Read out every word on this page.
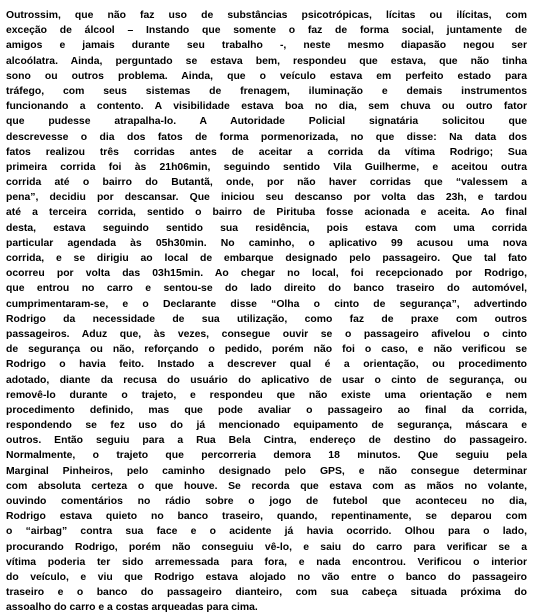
Outrossim, que não faz uso de substâncias psicotrópicas, lícitas ou ilícitas, com
exceção de álcool – Instando que somente o faz de forma social, juntamente de
amigos e jamais durante seu trabalho -, neste mesmo diapasão negou ser
alcoólatra. Ainda, perguntado se estava bem, respondeu que estava, que não tinha
sono ou outros problema. Ainda, que o veículo estava em perfeito estado para
tráfego, com seus sistemas de frenagem, iluminação e demais instrumentos
funcionando a contento. A visibilidade estava boa no dia, sem chuva ou outro fator
que pudesse atrapalha-lo. A Autoridade Policial signatária solicitou que
descrevesse o dia dos fatos de forma pormenorizada, no que disse: Na data dos
fatos realizou três corridas antes de aceitar a corrida da vítima Rodrigo; Sua
primeira corrida foi às 21h06min, seguindo sentido Vila Guilherme, e aceitou outra
corrida até o bairro do Butantã, onde, por não haver corridas que “valessem a
pena”, decidiu por descansar. Que iniciou seu descanso por volta das 23h, e tardou
até a terceira corrida, sentido o bairro de Pirituba fosse acionada e aceita. Ao final
desta, estava seguindo sentido sua residência, pois estava com uma corrida
particular agendada às 05h30min. No caminho, o aplicativo 99 acusou uma nova
corrida, e se dirigiu ao local de embarque designado pelo passageiro. Que tal fato
ocorreu por volta das 03h15min. Ao chegar no local, foi recepcionado por Rodrigo,
que entrou no carro e sentou-se do lado direito do banco traseiro do automóvel,
cumprimentaram-se, e o Declarante disse “Olha o cinto de segurança”, advertindo
Rodrigo da necessidade de sua utilização, como faz de praxe com outros
passageiros. Aduz que, às vezes, consegue ouvir se o passageiro afivelou o cinto
de segurança ou não, reforçando o pedido, porém não foi o caso, e não verificou se
Rodrigo o havia feito. Instado a descrever qual é a orientação, ou procedimento
adotado, diante da recusa do usuário do aplicativo de usar o cinto de segurança, ou
removê-lo durante o trajeto, e respondeu que não existe uma orientação e nem
procedimento definido, mas que pode avaliar o passageiro ao final da corrida,
respondendo se fez uso do já mencionado equipamento de segurança, máscara e
outros. Então seguiu para a Rua Bela Cintra, endereço de destino do passageiro.
Normalmente, o trajeto que percorreria demora 18 minutos. Que seguiu pela
Marginal Pinheiros, pelo caminho designado pelo GPS, e não consegue determinar
com absoluta certeza o que houve. Se recorda que estava com as mãos no volante,
ouvindo comentários no rádio sobre o jogo de futebol que aconteceu no dia,
Rodrigo estava quieto no banco traseiro, quando, repentinamente, se deparou com
o “airbag” contra sua face e o acidente já havia ocorrido. Olhou para o lado,
procurando Rodrigo, porém não conseguiu vê-lo, e saiu do carro para verificar se a
vítima poderia ter sido arremessada para fora, e nada encontrou. Verificou o interior
do veículo, e viu que Rodrigo estava alojado no vão entre o banco do passageiro
traseiro e o banco do passageiro dianteiro, com sua cabeça situada próxima do
assoalho do carro e a costas arqueadas para cima.
